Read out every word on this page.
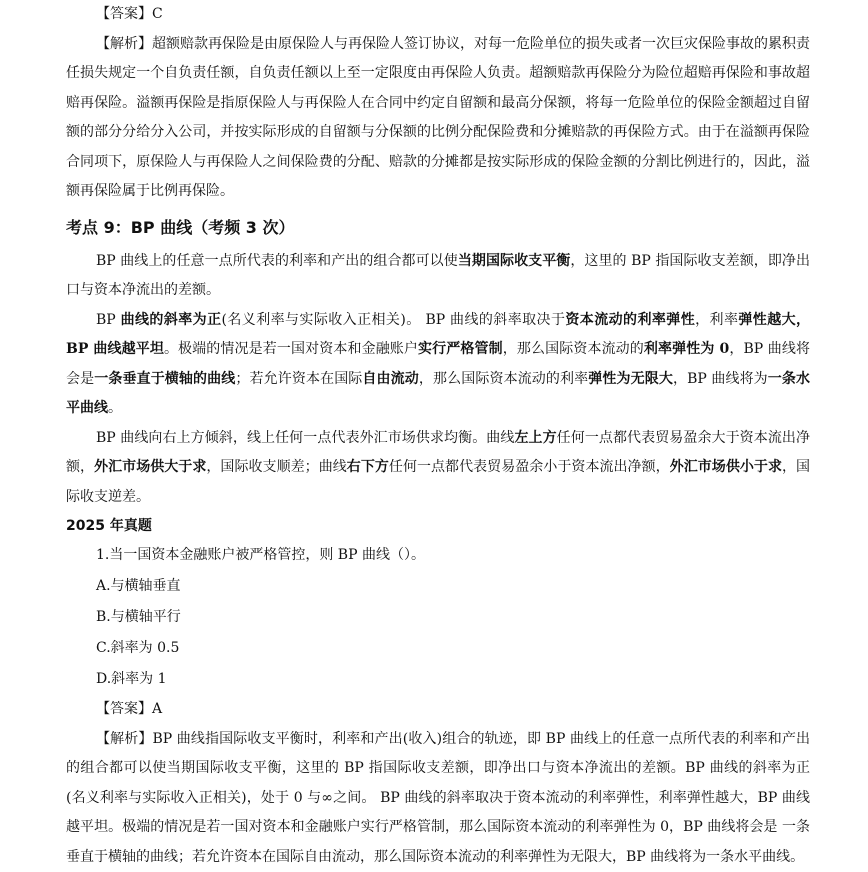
【答案】C

【解析】超额赔款再保险是由原保险人与再保险人签订协议，对每一危险单位的损失或者一次巨灾保险事故的累积责任损失规定一个自负责任额，自负责任额以上至一定限度由再保险人负责。超额赔款再保险分为险位超赔再保险和事故超赔再保险。溢额再保险是指原保险人与再保险人在合同中约定自留额和最高分保额，将每一危险单位的保险金额超过自留额的部分分给分入公司，并按实际形成的自留额与分保额的比例分配保险费和分摊赔款的再保险方式。由于在溢额再保险合同项下，原保险人与再保险人之间保险费的分配、赔款的分摊都是按实际形成的保险金额的分割比例进行的，因此，溢额再保险属于比例再保险。

考点 9：BP 曲线（考频 3 次）

BP 曲线上的任意一点所代表的利率和产出的组合都可以使当期国际收支平衡，这里的 BP 指国际收支差额，即净出口与资本净流出的差额。

BP 曲线的斜率为正(名义利率与实际收入正相关)。 BP 曲线的斜率取决于资本流动的利率弹性，利率弹性越大，BP 曲线越平坦。极端的情况是若一国对资本和金融账户实行严格管制，那么国际资本流动的利率弹性为 0，BP 曲线将会是一条垂直于横轴的曲线；若允许资本在国际自由流动，那么国际资本流动的利率弹性为无限大，BP 曲线将为一条水平曲线。

BP 曲线向右上方倾斜，线上任何一点代表外汇市场供求均衡。曲线左上方任何一点都代表贸易盈余大于资本流出净额，外汇市场供大于求，国际收支顺差；曲线右下方任何一点都代表贸易盈余小于资本流出净额，外汇市场供小于求，国际收支逆差。

2025 年真题

1.当一国资本金融账户被严格管控，则 BP 曲线（）。

A.与横轴垂直

B.与横轴平行

C.斜率为 0.5

D.斜率为 1

【答案】A

【解析】BP 曲线指国际收支平衡时，利率和产出(收入)组合的轨迹，即 BP 曲线上的任意一点所代表的利率和产出的组合都可以使当期国际收支平衡，这里的 BP 指国际收支差额，即净出口与资本净流出的差额。BP 曲线的斜率为正(名义利率与实际收入正相关)，处于 0 与∞之间。 BP 曲线的斜率取决于资本流动的利率弹性，利率弹性越大，BP 曲线越平坦。极端的情况是若一国对资本和金融账户实行严格管制，那么国际资本流动的利率弹性为 0，BP 曲线将会是 一条垂直于横轴的曲线；若允许资本在国际自由流动，那么国际资本流动的利率弹性为无限大，BP 曲线将为一条水平曲线。
